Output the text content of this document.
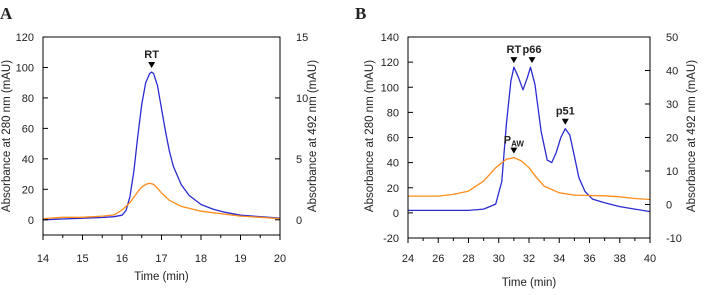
A
RT
14 15 16 17 18 19 20
0
20
40
60
80
100
120
0
5
10
15
Time (min)
Absorbance at 280 nm (mAU)	Absorbance at 492 nm (mAU)
B
RT p66
p51
$P_{AW}$
24 26 28 30 32 34 36 38 40
-20
0
20
40
60
80
100
120
140
-10
0
10
20
30
40
50
Time (min)
Absorbance at 280 nm (mAU)	Absorbance at 492 nm (mAU)
